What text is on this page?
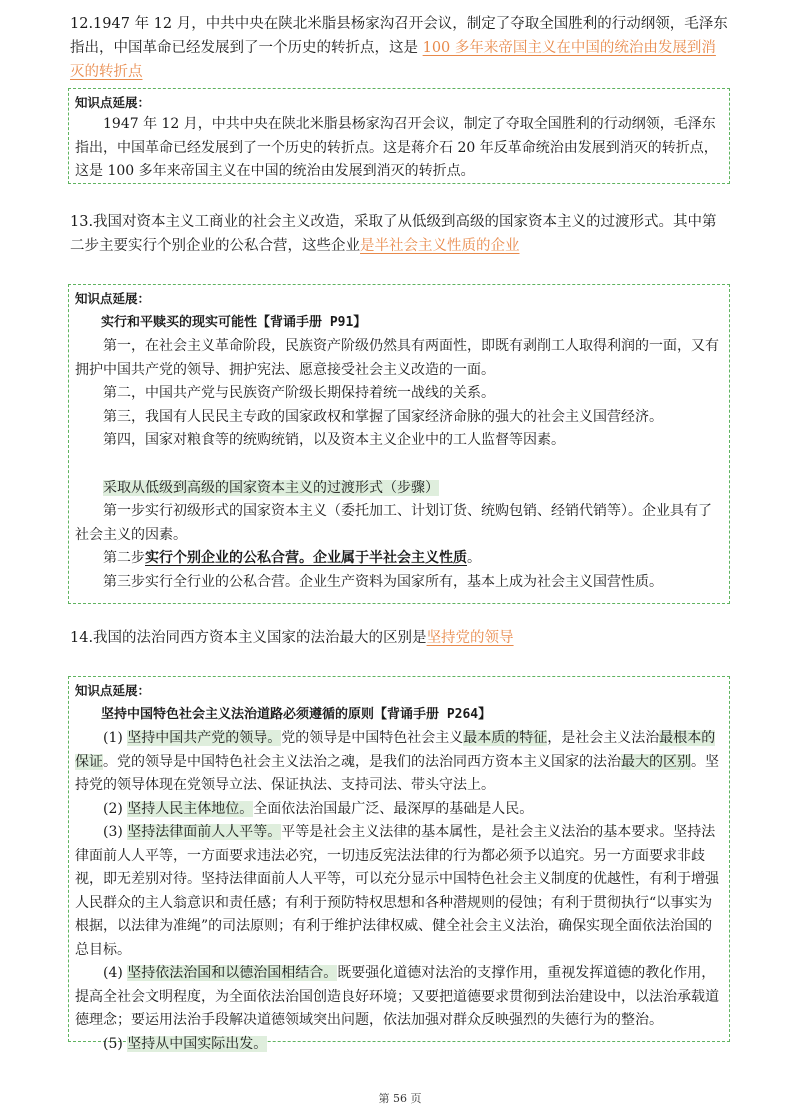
12.1947 年 12 月，中共中央在陕北米脂县杨家沟召开会议，制定了夺取全国胜利的行动纲领，毛泽东指出，中国革命已经发展到了一个历史的转折点，这是 100 多年来帝国主义在中国的统治由发展到消灭的转折点
知识点延展：

1947 年 12 月，中共中央在陕北米脂县杨家沟召开会议，制定了夺取全国胜利的行动纲领，毛泽东指出，中国革命已经发展到了一个历史的转折点。这是蒋介石 20 年反革命统治由发展到消灭的转折点，这是 100 多年来帝国主义在中国的统治由发展到消灭的转折点。

13.我国对资本主义工商业的社会主义改造，采取了从低级到高级的国家资本主义的过渡形式。其中第二步主要实行个别企业的公私合营，这些企业是半社会主义性质的企业
知识点延展：
实行和平赎买的现实可能性【背诵手册 P91】

第一，在社会主义革命阶段，民族资产阶级仍然具有两面性，即既有剥削工人取得利润的一面，又有拥护中国共产党的领导、拥护宪法、愿意接受社会主义改造的一面。

第二，中国共产党与民族资产阶级长期保持着统一战线的关系。

第三，我国有人民民主专政的国家政权和掌握了国家经济命脉的强大的社会主义国营经济。

第四，国家对粮食等的统购统销，以及资本主义企业中的工人监督等因素。

采取从低级到高级的国家资本主义的过渡形式（步骤）

第一步实行初级形式的国家资本主义（委托加工、计划订货、统购包销、经销代销等）。企业具有了社会主义的因素。

第二步实行个别企业的公私合营。企业属于半社会主义性质。

第三步实行全行业的公私合营。企业生产资料为国家所有，基本上成为社会主义国营性质。

14.我国的法治同西方资本主义国家的法治最大的区别是坚持党的领导
知识点延展：
坚持中国特色社会主义法治道路必须遵循的原则【背诵手册 P264】

(1) 坚持中国共产党的领导。党的领导是中国特色社会主义最本质的特征，是社会主义法治最根本的保证。党的领导是中国特色社会主义法治之魂，是我们的法治同西方资本主义国家的法治最大的区别。坚持党的领导体现在党领导立法、保证执法、支持司法、带头守法上。

(2) 坚持人民主体地位。全面依法治国最广泛、最深厚的基础是人民。

(3) 坚持法律面前人人平等。平等是社会主义法律的基本属性，是社会主义法治的基本要求。坚持法律面前人人平等，一方面要求违法必究，一切违反宪法法律的行为都必须予以追究。另一方面要求非歧视，即无差别对待。坚持法律面前人人平等，可以充分显示中国特色社会主义制度的优越性，有利于增强人民群众的主人翁意识和责任感；有利于预防特权思想和各种潜规则的侵蚀；有利于贯彻执行“以事实为根据，以法律为准绳”的司法原则；有利于维护法律权威、健全社会主义法治，确保实现全面依法治国的总目标。

(4) 坚持依法治国和以德治国相结合。既要强化道德对法治的支撑作用，重视发挥道德的教化作用，提高全社会文明程度，为全面依法治国创造良好环境；又要把道德要求贯彻到法治建设中，以法治承载道德理念；要运用法治手段解决道德领域突出问题，依法加强对群众反映强烈的失德行为的整治。

(5) 坚持从中国实际出发。

第 56 页
